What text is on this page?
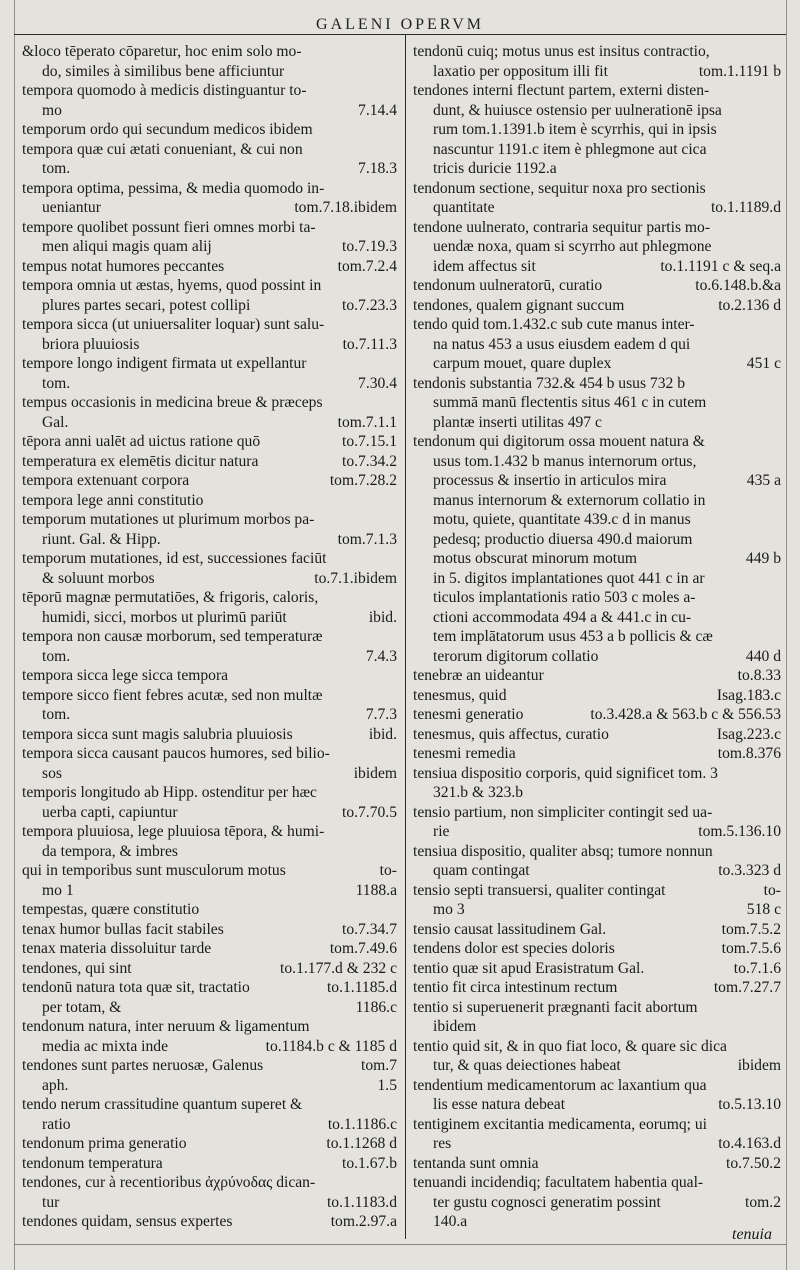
GALENI OPERVM
&loco tēperato cōparetur, hoc enim solo mo-
do, similes à similibus bene afficiuntur
tempora quomodo à medicis distinguantur to-
mo	7.14.4
temporum ordo qui secundum medicos ibidem
tempora quæ cui ætati conueniant, & cui non
tom.	7.18.3
tempora optima, pessima, & media quomodo in-
ueniantur	tom.7.18.ibidem
tempore quolibet possunt fieri omnes morbi ta-
men aliqui magis quam alij	to.7.19.3
tempus notat humores peccantes	tom.7.2.4
tempora omnia ut æstas, hyems, quod possint in
plures partes secari, potest collipi	to.7.23.3
tempora sicca (ut uniuersaliter loquar) sunt salu-
briora pluuiosis	to.7.11.3
tempore longo indigent firmata ut expellantur
tom.	7.30.4
tempus occasionis in medicina breue & præceps
Gal.	tom.7.1.1
tēpora anni ualēt ad uictus ratione quō	to.7.15.1
temperatura ex elemētis dicitur natura	to.7.34.2
tempora extenuant corpora	tom.7.28.2
tempora lege anni constitutio
temporum mutationes ut plurimum morbos pa-
riunt. Gal. & Hipp.	tom.7.1.3
temporum mutationes, id est, successiones faciūt
& soluunt morbos	to.7.1.ibidem
tēporū magnæ permutatiōes, & frigoris, caloris,
humidi, sicci, morbos ut plurimū pariūt	ibid.
tempora non causæ morborum, sed temperaturæ
tom.	7.4.3
tempora sicca lege sicca tempora
tempore sicco fient febres acutæ, sed non multæ
tom.	7.7.3
tempora sicca sunt magis salubria pluuiosis	ibid.
tempora sicca causant paucos humores, sed bilio-
sos	ibidem
temporis longitudo ab Hipp. ostenditur per hæc
uerba capti, capiuntur	to.7.70.5
tempora pluuiosa, lege pluuiosa tēpora, & humi-
da tempora, & imbres
qui in temporibus sunt musculorum motus	to-
mo 1	1188.a
tempestas, quære constitutio
tenax humor bullas facit stabiles	to.7.34.7
tenax materia dissoluitur tarde	tom.7.49.6
tendones, qui sint	to.1.177.d & 232 c
tendonū natura tota quæ sit, tractatio	to.1.1185.d
per totam, &	1186.c
tendonum natura, inter neruum & ligamentum
media ac mixta inde	to.1184.b c & 1185 d
tendones sunt partes neruosæ, Galenus	tom.7
aph.	1.5
tendo nerum crassitudine quantum superet &
ratio	to.1.1186.c
tendonum prima generatio	to.1.1268 d
tendonum temperatura	to.1.67.b
tendones, cur à recentioribus ἀχρύνοδας dican-
tur	to.1.1183.d
tendones quidam, sensus expertes	tom.2.97.a
tendonū cuiq; motus unus est insitus contractio,
laxatio per oppositum illi fit	tom.1.1191 b
tendones interni flectunt partem, externi disten-
dunt, & huiusce ostensio per uulnerationē ipsa
rum tom.1.1391.b item è scyrrhis, qui in ipsis
nascuntur 1191.c item è phlegmone aut cica
tricis duricie 1192.a
tendonum sectione, sequitur noxa pro sectionis
quantitate	to.1.1189.d
tendone uulnerato, contraria sequitur partis mo-
uendæ noxa, quam si scyrrho aut phlegmone
idem affectus sit	to.1.1191 c & seq.a
tendonum uulneratorū, curatio	to.6.148.b.&a
tendones, qualem gignant succum	to.2.136 d
tendo quid tom.1.432.c sub cute manus inter-
na natus 453 a usus eiusdem eadem d qui
carpum mouet, quare duplex	451 c
tendonis substantia 732.& 454 b usus 732 b
summā manū flectentis situs 461 c in cutem
plantæ inserti utilitas 497 c
tendonum qui digitorum ossa mouent natura &
usus tom.1.432 b manus internorum ortus,
processus & insertio in articulos mira	435 a
manus internorum & externorum collatio in
motu, quiete, quantitate 439.c d in manus
pedesq; productio diuersa 490.d maiorum
motus obscurat minorum motum	449 b
in 5. digitos implantationes quot 441 c in ar
ticulos implantationis ratio 503 c moles a-
ctioni accommodata 494 a & 441.c in cu-
tem implātatorum usus 453 a b pollicis & cæ
terorum digitorum collatio	440 d
tenebræ an uideantur	to.8.33
tenesmus, quid	Isag.183.c
tenesmi generatio	to.3.428.a & 563.b c & 556.53
tenesmus, quis affectus, curatio	Isag.223.c
tenesmi remedia	tom.8.376
tensiua dispositio corporis, quid significet tom. 3
321.b & 323.b
tensio partium, non simpliciter contingit sed ua-
rie	tom.5.136.10
tensiua dispositio, qualiter absq; tumore nonnun
quam contingat	to.3.323 d
tensio septi transuersi, qualiter contingat	to-
mo 3	518 c
tensio causat lassitudinem Gal.	tom.7.5.2
tendens dolor est species doloris	tom.7.5.6
tentio quæ sit apud Erasistratum Gal.	to.7.1.6
tentio fit circa intestinum rectum	tom.7.27.7
tentio si superuenerit prægnanti facit abortum
ibidem
tentio quid sit, & in quo fiat loco, & quare sic dica
tur, & quas deiectiones habeat	ibidem
tendentium medicamentorum ac laxantium qua
lis esse natura debeat	to.5.13.10
tentiginem excitantia medicamenta, eorumq; ui
res	to.4.163.d
tentanda sunt omnia	to.7.50.2
tenuandi incidendiq; facultatem habentia qual-
ter gustu cognosci generatim possint	tom.2
140.a
tenuia
